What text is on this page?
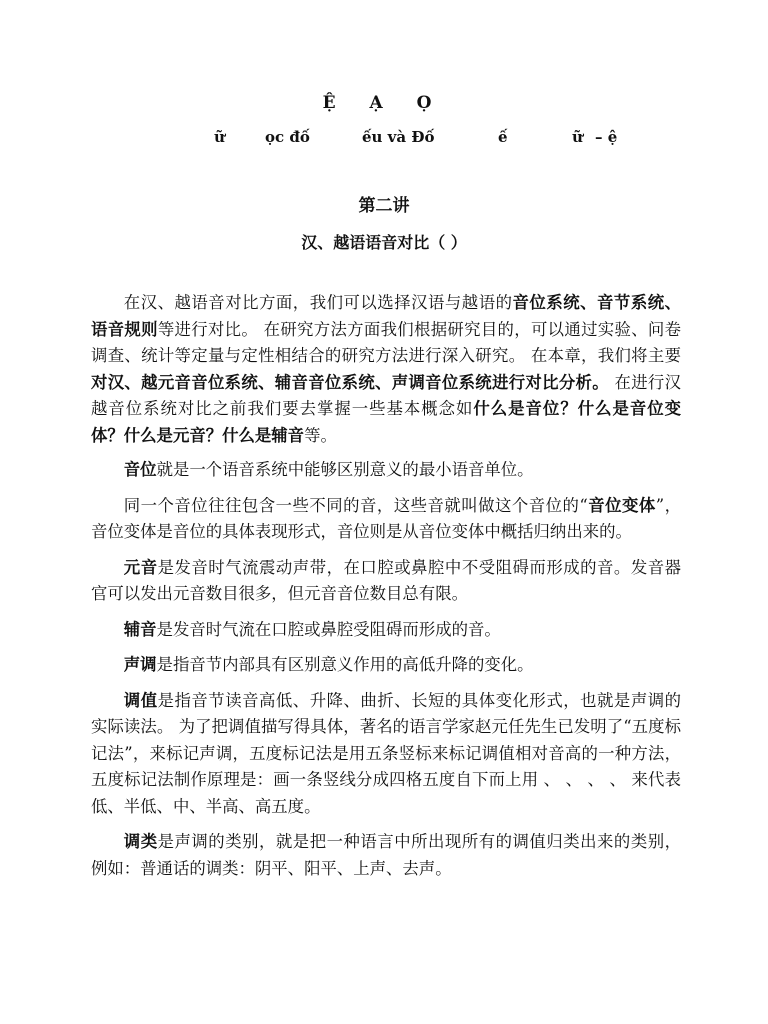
Ệ Ạ Ọ
ữ	ọc đố	ếu và Đố	ế	ữ – ệ
第二讲
汉、越语语音对比（ ）

在汉、越语音对比方面，我们可以选择汉语与越语的音位系统、音节系统、语音规则等进行对比。 在研究方法方面我们根据研究目的，可以通过实验、问卷调查、统计等定量与定性相结合的研究方法进行深入研究。 在本章，我们将主要对汉、越元音音位系统、辅音音位系统、声调音位系统进行对比分析。 在进行汉越音位系统对比之前我们要去掌握一些基本概念如什么是音位？什么是音位变体？什么是元音？什么是辅音等。

音位就是一个语音系统中能够区别意义的最小语音单位。

同一个音位往往包含一些不同的音，这些音就叫做这个音位的“音位变体”，音位变体是音位的具体表现形式，音位则是从音位变体中概括归纳出来的。

元音是发音时气流震动声带，在口腔或鼻腔中不受阻碍而形成的音。发音器官可以发出元音数目很多，但元音音位数目总有限。

辅音是发音时气流在口腔或鼻腔受阻碍而形成的音。

声调是指音节内部具有区别意义作用的高低升降的变化。

调值是指音节读音高低、升降、曲折、长短的具体变化形式，也就是声调的实际读法。 为了把调值描写得具体，著名的语言学家赵元任先生已发明了“五度标记法”，来标记声调，五度标记法是用五条竖标来标记调值相对音高的一种方法，五度标记法制作原理是：画一条竖线分成四格五度自下而上用 、 、 、 、 来代表低、半低、中、半高、高五度。

调类是声调的类别，就是把一种语言中所出现所有的调值归类出来的类别，例如：普通话的调类：阴平、阳平、上声、去声。
